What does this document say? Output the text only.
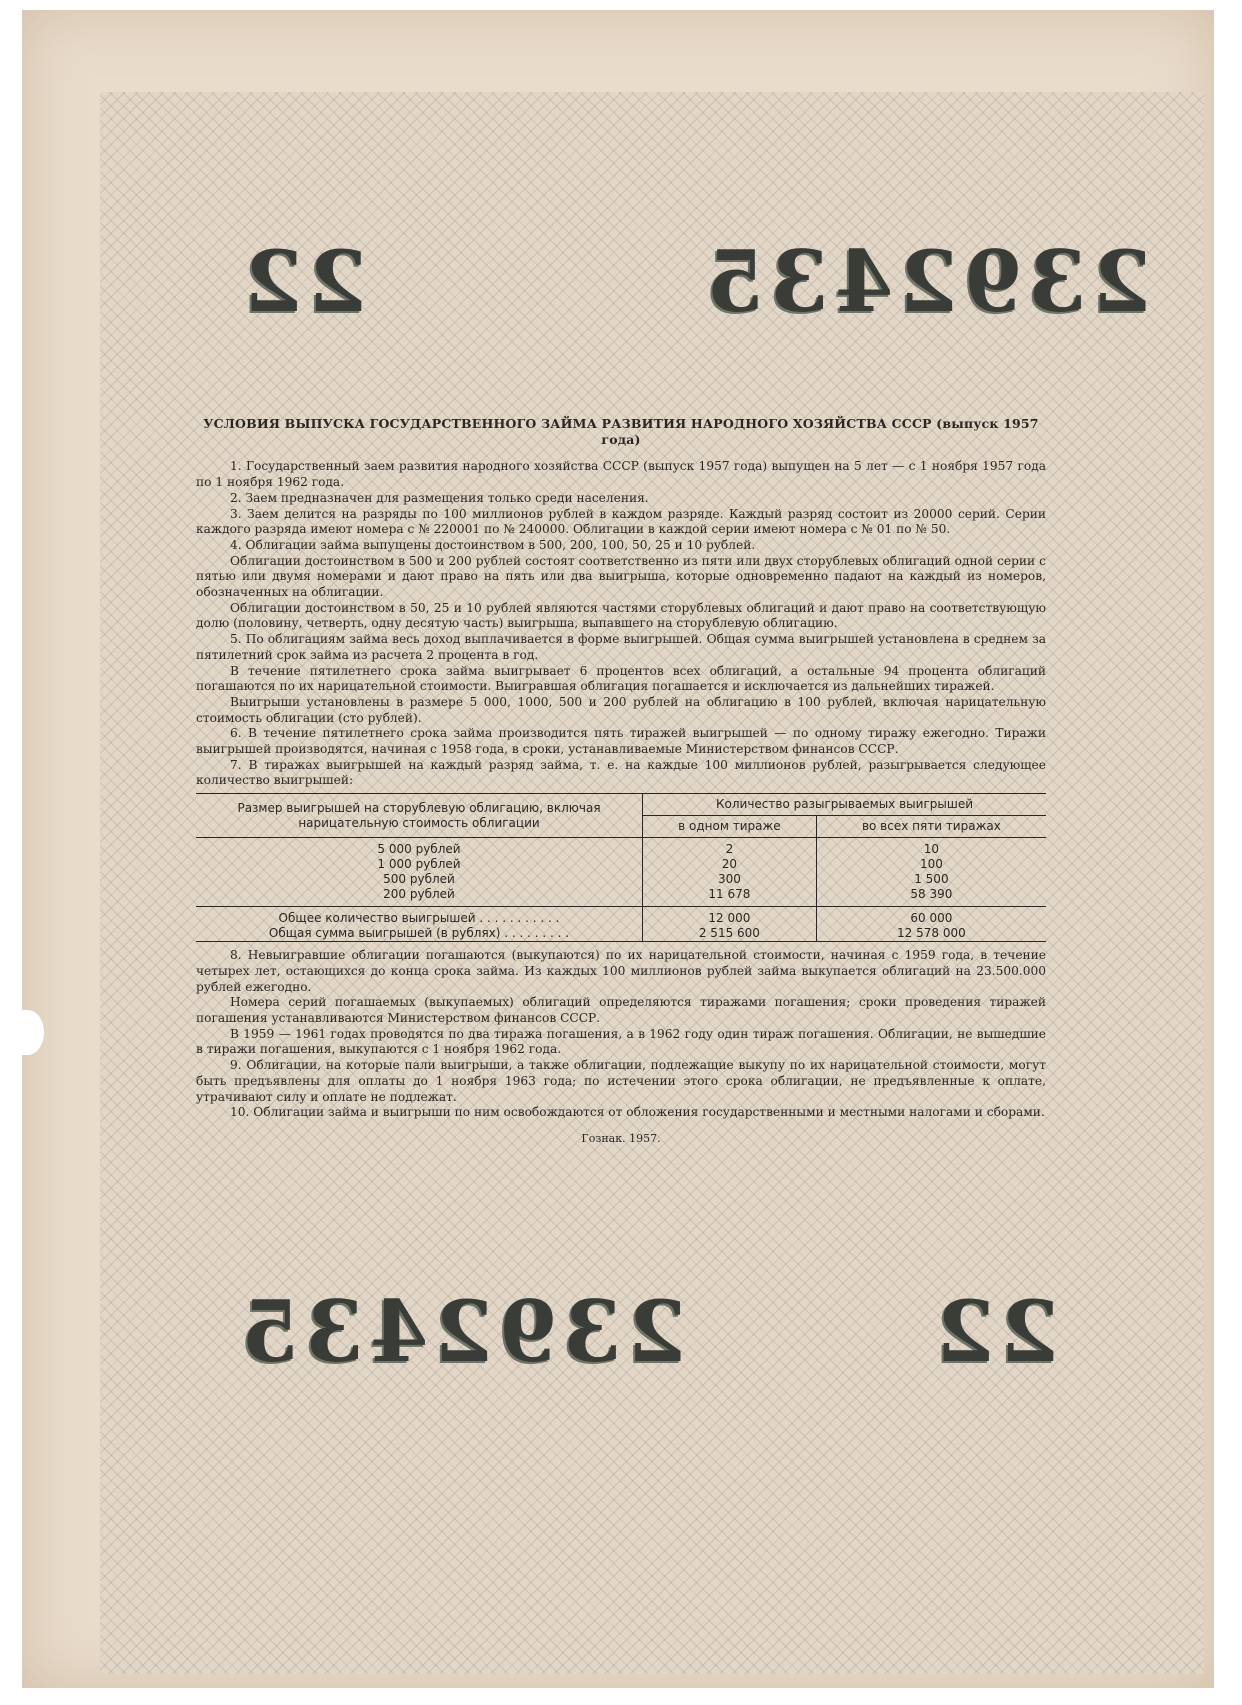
2392435
22
2392435	22
УСЛОВИЯ ВЫПУСКА ГОСУДАРСТВЕННОГО ЗАЙМА РАЗВИТИЯ НАРОДНОГО ХОЗЯЙСТВА СССР (выпуск 1957 года)

1. Государственный заем развития народного хозяйства СССР (выпуск 1957 года) выпущен на 5 лет — с 1 ноября 1957 года по 1 ноября 1962 года.

2. Заем предназначен для размещения только среди населения.

3. Заем делится на разряды по 100 миллионов рублей в каждом разряде. Каждый разряд состоит из 20000 серий. Серии каждого разряда имеют номера с № 220001 по № 240000. Облигации в каждой серии имеют номера с № 01 по № 50.

4. Облигации займа выпущены достоинством в 500, 200, 100, 50, 25 и 10 рублей.

Облигации достоинством в 500 и 200 рублей состоят соответственно из пяти или двух сторублевых облигаций одной серии с пятью или двумя номерами и дают право на пять или два выигрыша, которые одновременно падают на каждый из номеров, обозначенных на облигации.

Облигации достоинством в 50, 25 и 10 рублей являются частями сторублевых облигаций и дают право на соответствующую долю (половину, четверть, одну десятую часть) выигрыша, выпавшего на сторублевую облигацию.

5. По облигациям займа весь доход выплачивается в форме выигрышей. Общая сумма выигрышей установлена в среднем за пятилетний срок займа из расчета 2 процента в год.

В течение пятилетнего срока займа выигрывает 6 процентов всех облигаций, а остальные 94 процента облигаций погашаются по их нарицательной стоимости. Выигравшая облигация погашается и исключается из дальнейших тиражей.

Выигрыши установлены в размере 5 000, 1000, 500 и 200 рублей на облигацию в 100 рублей, включая нарицательную стоимость облигации (сто рублей).

6. В течение пятилетнего срока займа производится пять тиражей выигрышей — по одному тиражу ежегодно. Тиражи выигрышей производятся, начиная с 1958 года, в сроки, устанавливаемые Министерством финансов СССР.

7. В тиражах выигрышей на каждый разряд займа, т. е. на каждые 100 миллионов рублей, разыгрывается следующее количество выигрышей:

Размер выигрышей на сторублевую облигацию, включая нарицательную стоимость облигации	Количество разыгрываемых выигрышей	
	в одном тираже	во всех пяти тиражах

5 000 рублей	2	10
1 000 рублей	20	100
500 рублей	300	1 500
200 рублей	11 678	58 390

Общее количество выигрышей . . . . . . . . . . .	12 000	60 000
Общая сумма выигрышей (в рублях) . . . . . . . . .	2 515 600	12 578 000

8. Невыигравшие облигации погашаются (выкупаются) по их нарицательной стоимости, начиная с 1959 года, в течение четырех лет, остающихся до конца срока займа. Из каждых 100 миллионов рублей займа выкупается облигаций на 23.500.000 рублей ежегодно.

Номера серий погашаемых (выкупаемых) облигаций определяются тиражами погашения; сроки проведения тиражей погашения устанавливаются Министерством финансов СССР.

В 1959 — 1961 годах проводятся по два тиража погашения, а в 1962 году один тираж погашения. Облигации, не вышедшие в тиражи погашения, выкупаются с 1 ноября 1962 года.

9. Облигации, на которые пали выигрыши, а также облигации, подлежащие выкупу по их нарицательной стоимости, могут быть предъявлены для оплаты до 1 ноября 1963 года; по истечении этого срока облигации, не предъявленные к оплате, утрачивают силу и оплате не подлежат.

10. Облигации займа и выигрыши по ним освобождаются от обложения государственными и местными налогами и сборами.

Гознак. 1957.
